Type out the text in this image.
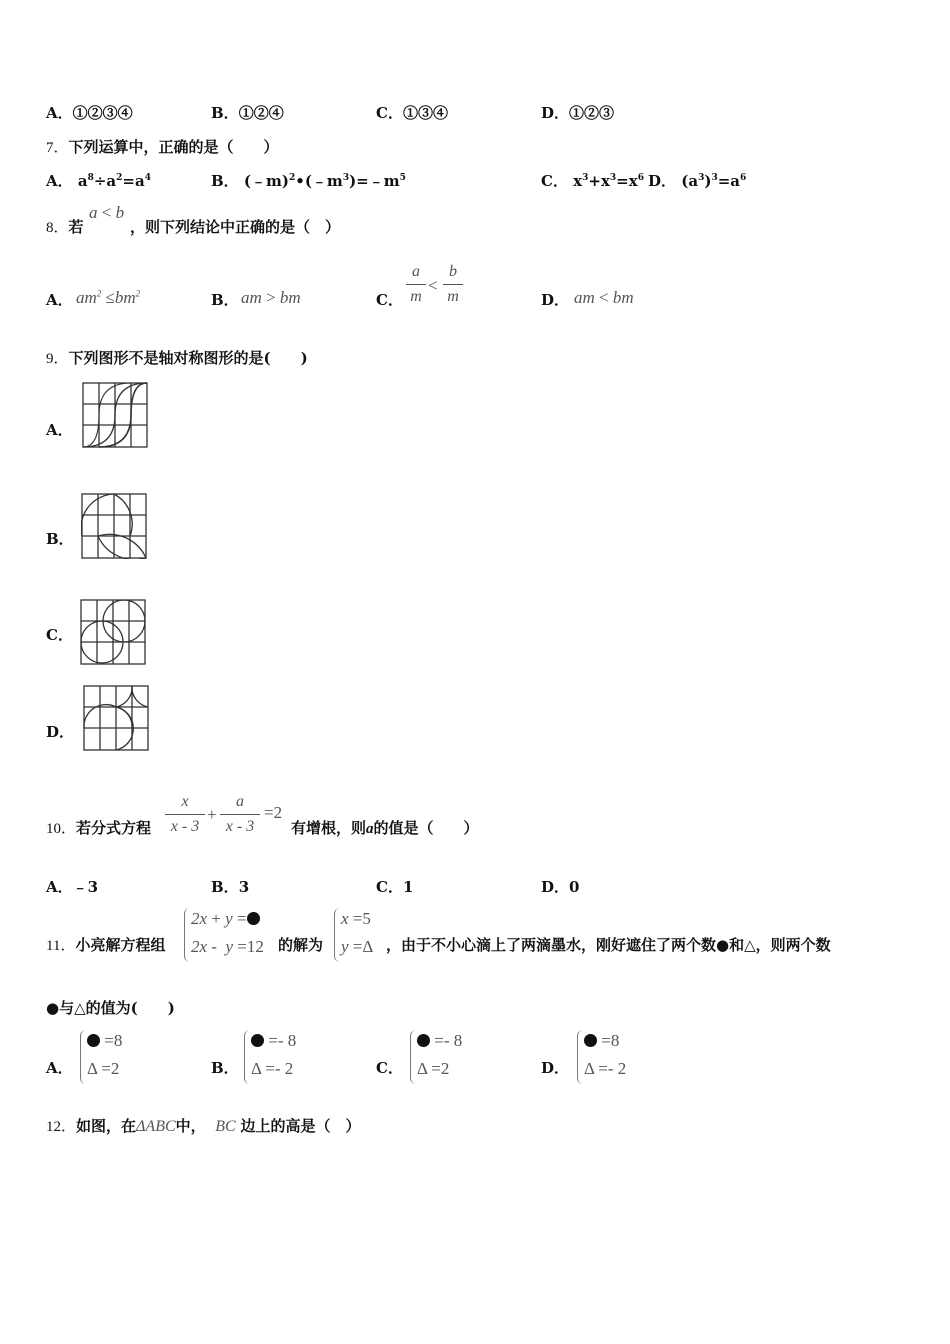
A．①②③④	B．①②④	C．①③④	D．①②③
7．下列运算中，正确的是（　　）
A． $a^8\div a^2=a^4$	B． $(﹣m)^2•(﹣m^3)=﹣m^5$	C． $x^3+x^3=x^6$ D． $(a^3)^3=a^6$
8．若
a < b
，则下列结论中正确的是（　）
A． $am^2 \le bm^2$	B． am > bm	C．
a
m
<
b
m	D． am < bm
9．下列图形不是轴对称图形的是(　　)
A．
B．
C．
D．
10．若分式方程
x
x - 3
+
a
x - 3
=2
有增根，则a的值是（　　）
A．﹣3	B．3	C．1	D．0
11．小亮解方程组
2x + y =
2x -  y =12 的解为
x =5
y =Δ ，由于不小心滴上了两滴墨水，刚好遮住了两个数●和△，则两个数
●与△的值为(　　)
A．
=8
Δ =2	B．
=- 8
Δ =- 2	C．
=- 8
Δ =2	D．
=8
Δ =- 2
12．如图，在ΔABC中， BC 边上的高是（　）
